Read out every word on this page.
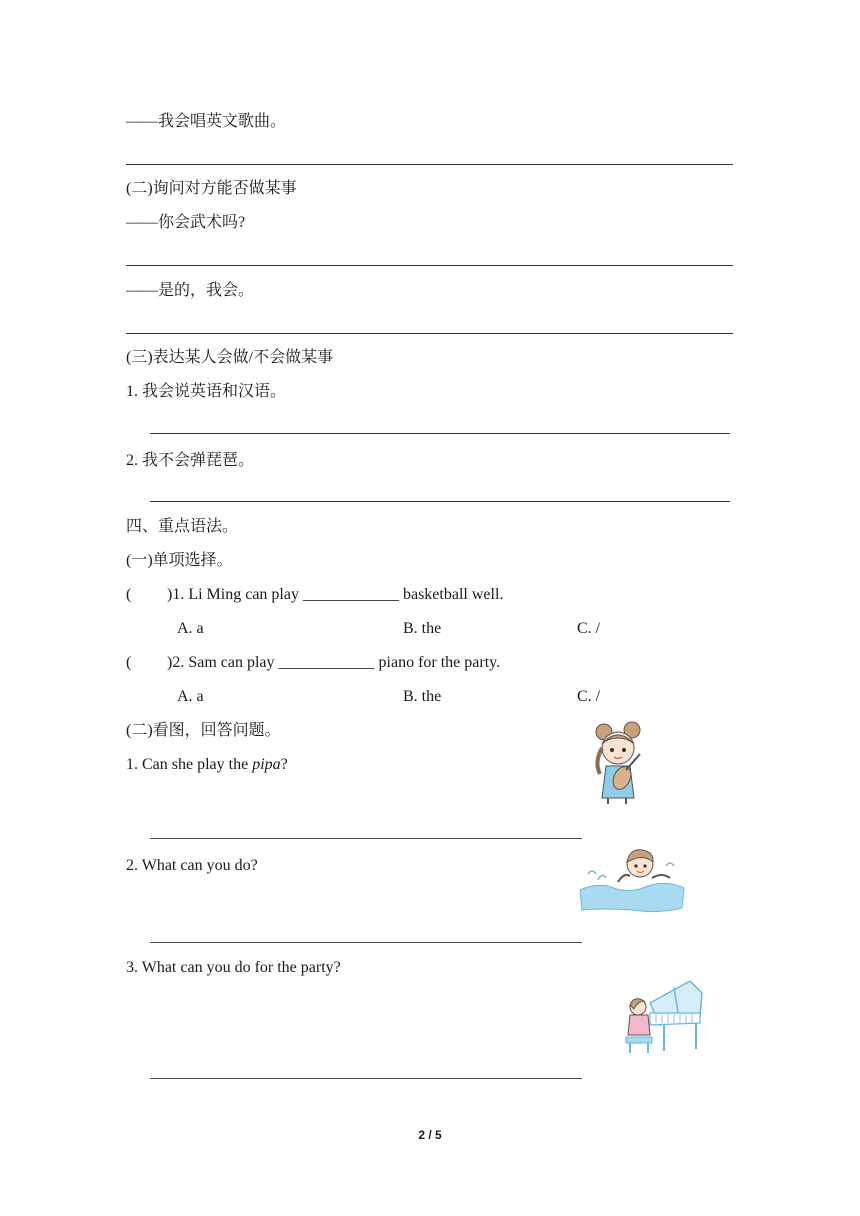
——我会唱英文歌曲。
(二)询问对方能否做某事
——你会武术吗?
——是的，我会。
(三)表达某人会做/不会做某事
1. 我会说英语和汉语。
2. 我不会弹琵琶。
四、重点语法。
(一)单项选择。
( )1. Li Ming can play ____________ basketball well.
A. a	B. the	C. /
( )2. Sam can play ____________ piano for the party.
A. a	B. the	C. /
(二)看图，回答问题。
1. Can she play the pipa?
______________________________________________________
2. What can you do?
______________________________________________________
3. What can you do for the party?
______________________________________________________
2 / 5
